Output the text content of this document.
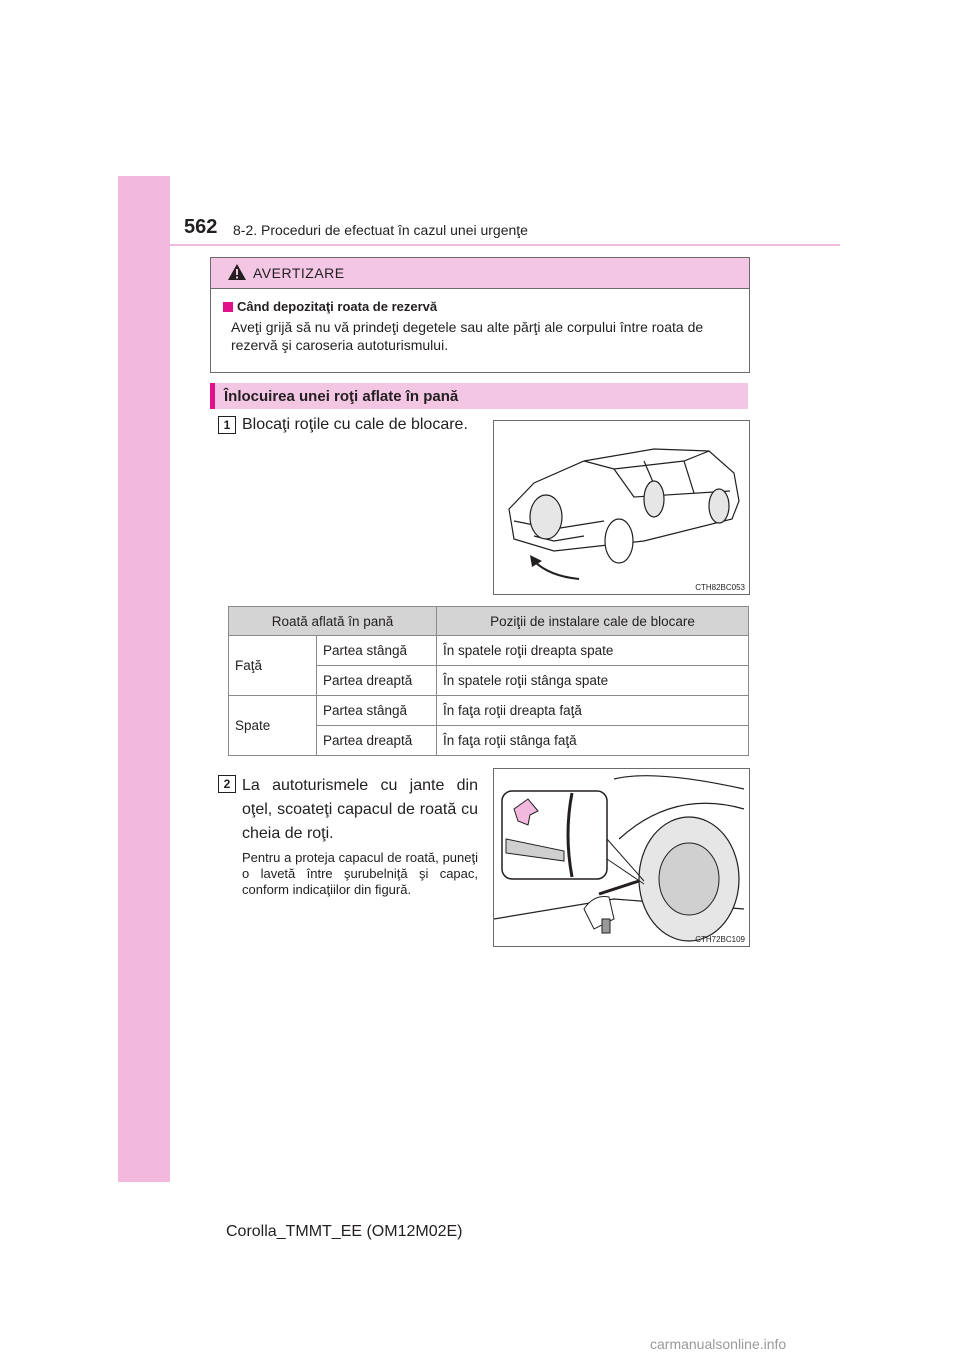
562 8-2. Proceduri de efectuat în cazul unei urgenţe
AVERTIZARE
Când depozitaţi roata de rezervă
Aveţi grijă să nu vă prindeţi degetele sau alte părţi ale corpului între roata de rezervă şi caroseria autoturismului.
Înlocuirea unei roţi aflate în pană
1 Blocaţi roţile cu cale de blocare.
CTH82BC053
Roată aflată în pană		Poziţii de instalare cale de blocare
Faţă	Partea stângă	În spatele roţii dreapta spate
	Partea dreaptă	În spatele roţii stânga spate
Spate	Partea stângă	În faţa roţii dreapta faţă
	Partea dreaptă	În faţa roţii stânga faţă
2 La autoturismele cu jante din oţel, scoateţi capacul de roată cu cheia de roţi.
Pentru a proteja capacul de roată, puneţi o lavetă între şurubelniţă şi capac, conform indicaţiilor din figură.
CTH72BC109
Corolla_TMMT_EE (OM12M02E)
carmanualsonline.info
